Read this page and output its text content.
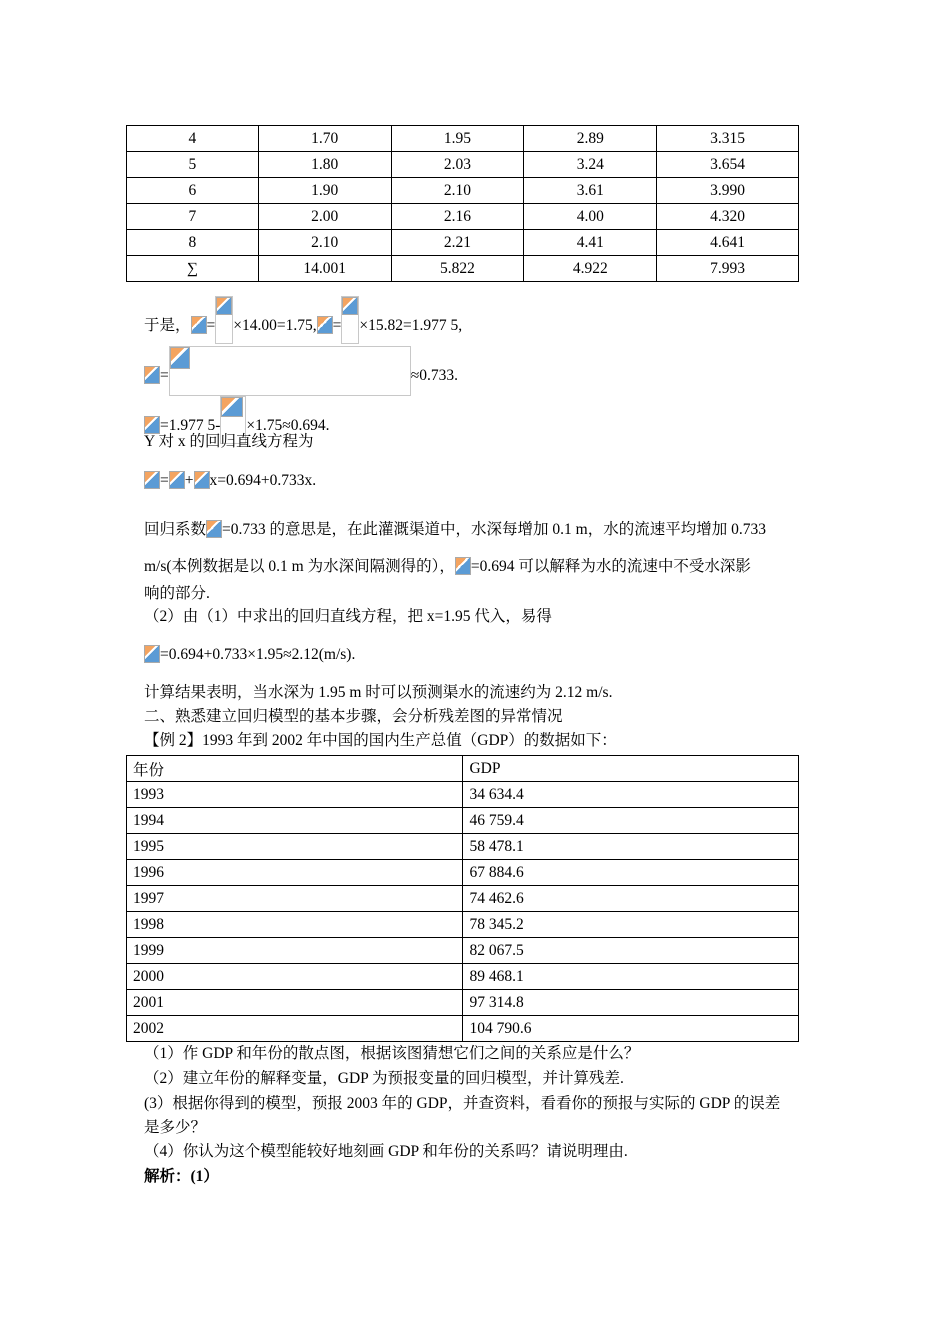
4	1.70	1.95	2.89	3.315
5	1.80	2.03	3.24	3.654
6	1.90	2.10	3.61	3.990
7	2.00	2.16	4.00	4.320
8	2.10	2.21	4.41	4.641
∑	14.001	5.822	4.922	7.993
于是， = ×14.00=1.75, = ×15.82=1.977 5,
=	≈0.733.
=1.977 5- ×1.75≈0.694.
Y 对 x 的回归直线方程为
= + x=0.694+0.733x.
回归系数 =0.733 的意思是，在此灌溉渠道中，水深每增加 0.1 m，水的流速平均增加 0.733
m/s(本例数据是以 0.1 m 为水深间隔测得的）， =0.694 可以解释为水的流速中不受水深影
响的部分.
（2）由（1）中求出的回归直线方程，把 x=1.95 代入，易得
=0.694+0.733×1.95≈2.12(m/s).
计算结果表明，当水深为 1.95 m 时可以预测渠水的流速约为 2.12 m/s.
二、熟悉建立回归模型的基本步骤，会分析残差图的异常情况
【例 2】1993 年到 2002 年中国的国内生产总值（GDP）的数据如下：
年份	GDP
1993	34 634.4
1994	46 759.4
1995	58 478.1
1996	67 884.6
1997	74 462.6
1998	78 345.2
1999	82 067.5
2000	89 468.1
2001	97 314.8
2002	104 790.6
（1）作 GDP 和年份的散点图，根据该图猜想它们之间的关系应是什么？
（2）建立年份的解释变量，GDP 为预报变量的回归模型，并计算残差.
(3）根据你得到的模型，预报 2003 年的 GDP，并查资料，看看你的预报与实际的 GDP 的误差
是多少？
（4）你认为这个模型能较好地刻画 GDP 和年份的关系吗？请说明理由.
解析：(1）
